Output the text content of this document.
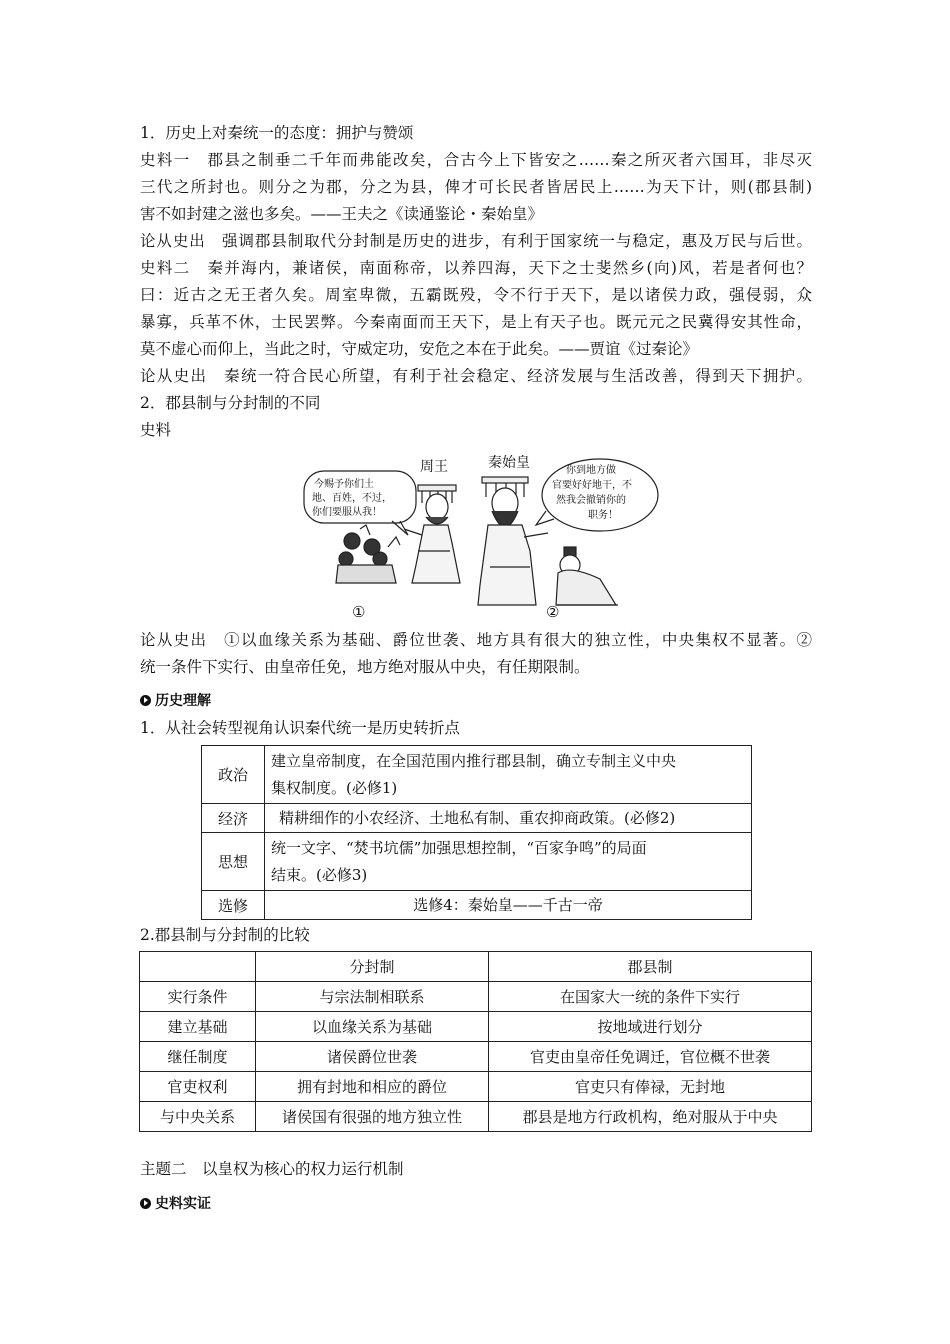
1．历史上对秦统一的态度：拥护与赞颂
史料一　郡县之制垂二千年而弗能改矣，合古今上下皆安之……秦之所灭者六国耳，非尽灭
三代之所封也。则分之为郡，分之为县，俾才可长民者皆居民上……为天下计，则(郡县制)
害不如封建之滋也多矣。——王夫之《读通鉴论・秦始皇》
论从史出　强调郡县制取代分封制是历史的进步，有利于国家统一与稳定，惠及万民与后世。
史料二　秦并海内，兼诸侯，南面称帝，以养四海，天下之士斐然乡(向)风，若是者何也？
曰：近古之无王者久矣。周室卑微，五霸既殁，令不行于天下，是以诸侯力政，强侵弱，众
暴寡，兵革不休，士民罢弊。今秦南面而王天下，是上有天子也。既元元之民冀得安其性命，
莫不虚心而仰上，当此之时，守威定功，安危之本在于此矣。——贾谊《过秦论》
论从史出　秦统一符合民心所望，有利于社会稳定、经济发展与生活改善，得到天下拥护。
2．郡县制与分封制的不同
史料
周王	秦始皇
今赐予你们土
地、百姓，不过，
你们要服从我！
你到地方做
官要好好地干，不
然我会撤销你的
职务！
①	②
论从史出　①以血缘关系为基础、爵位世袭、地方具有很大的独立性，中央集权不显著。②
统一条件下实行、由皇帝任免，地方绝对服从中央，有任期限制。
历史理解
1．从社会转型视角认识秦代统一是历史转折点
政治	建立皇帝制度，在全国范围内推行郡县制，确立专制主义中央
集权制度。(必修1)

经济	精耕细作的小农经济、土地私有制、重农抑商政策。(必修2)
思想	统一文字、“焚书坑儒”加强思想控制，“百家争鸣”的局面
结束。(必修3)

选修	选修4：秦始皇——千古一帝
2.郡县制与分封制的比较
	分封制	郡县制
实行条件	与宗法制相联系	在国家大一统的条件下实行
建立基础	以血缘关系为基础	按地域进行划分
继任制度	诸侯爵位世袭	官吏由皇帝任免调迁，官位概不世袭
官吏权利	拥有封地和相应的爵位	官吏只有俸禄，无封地
与中央关系	诸侯国有很强的地方独立性	郡县是地方行政机构，绝对服从于中央
主题二　以皇权为核心的权力运行机制
史料实证
